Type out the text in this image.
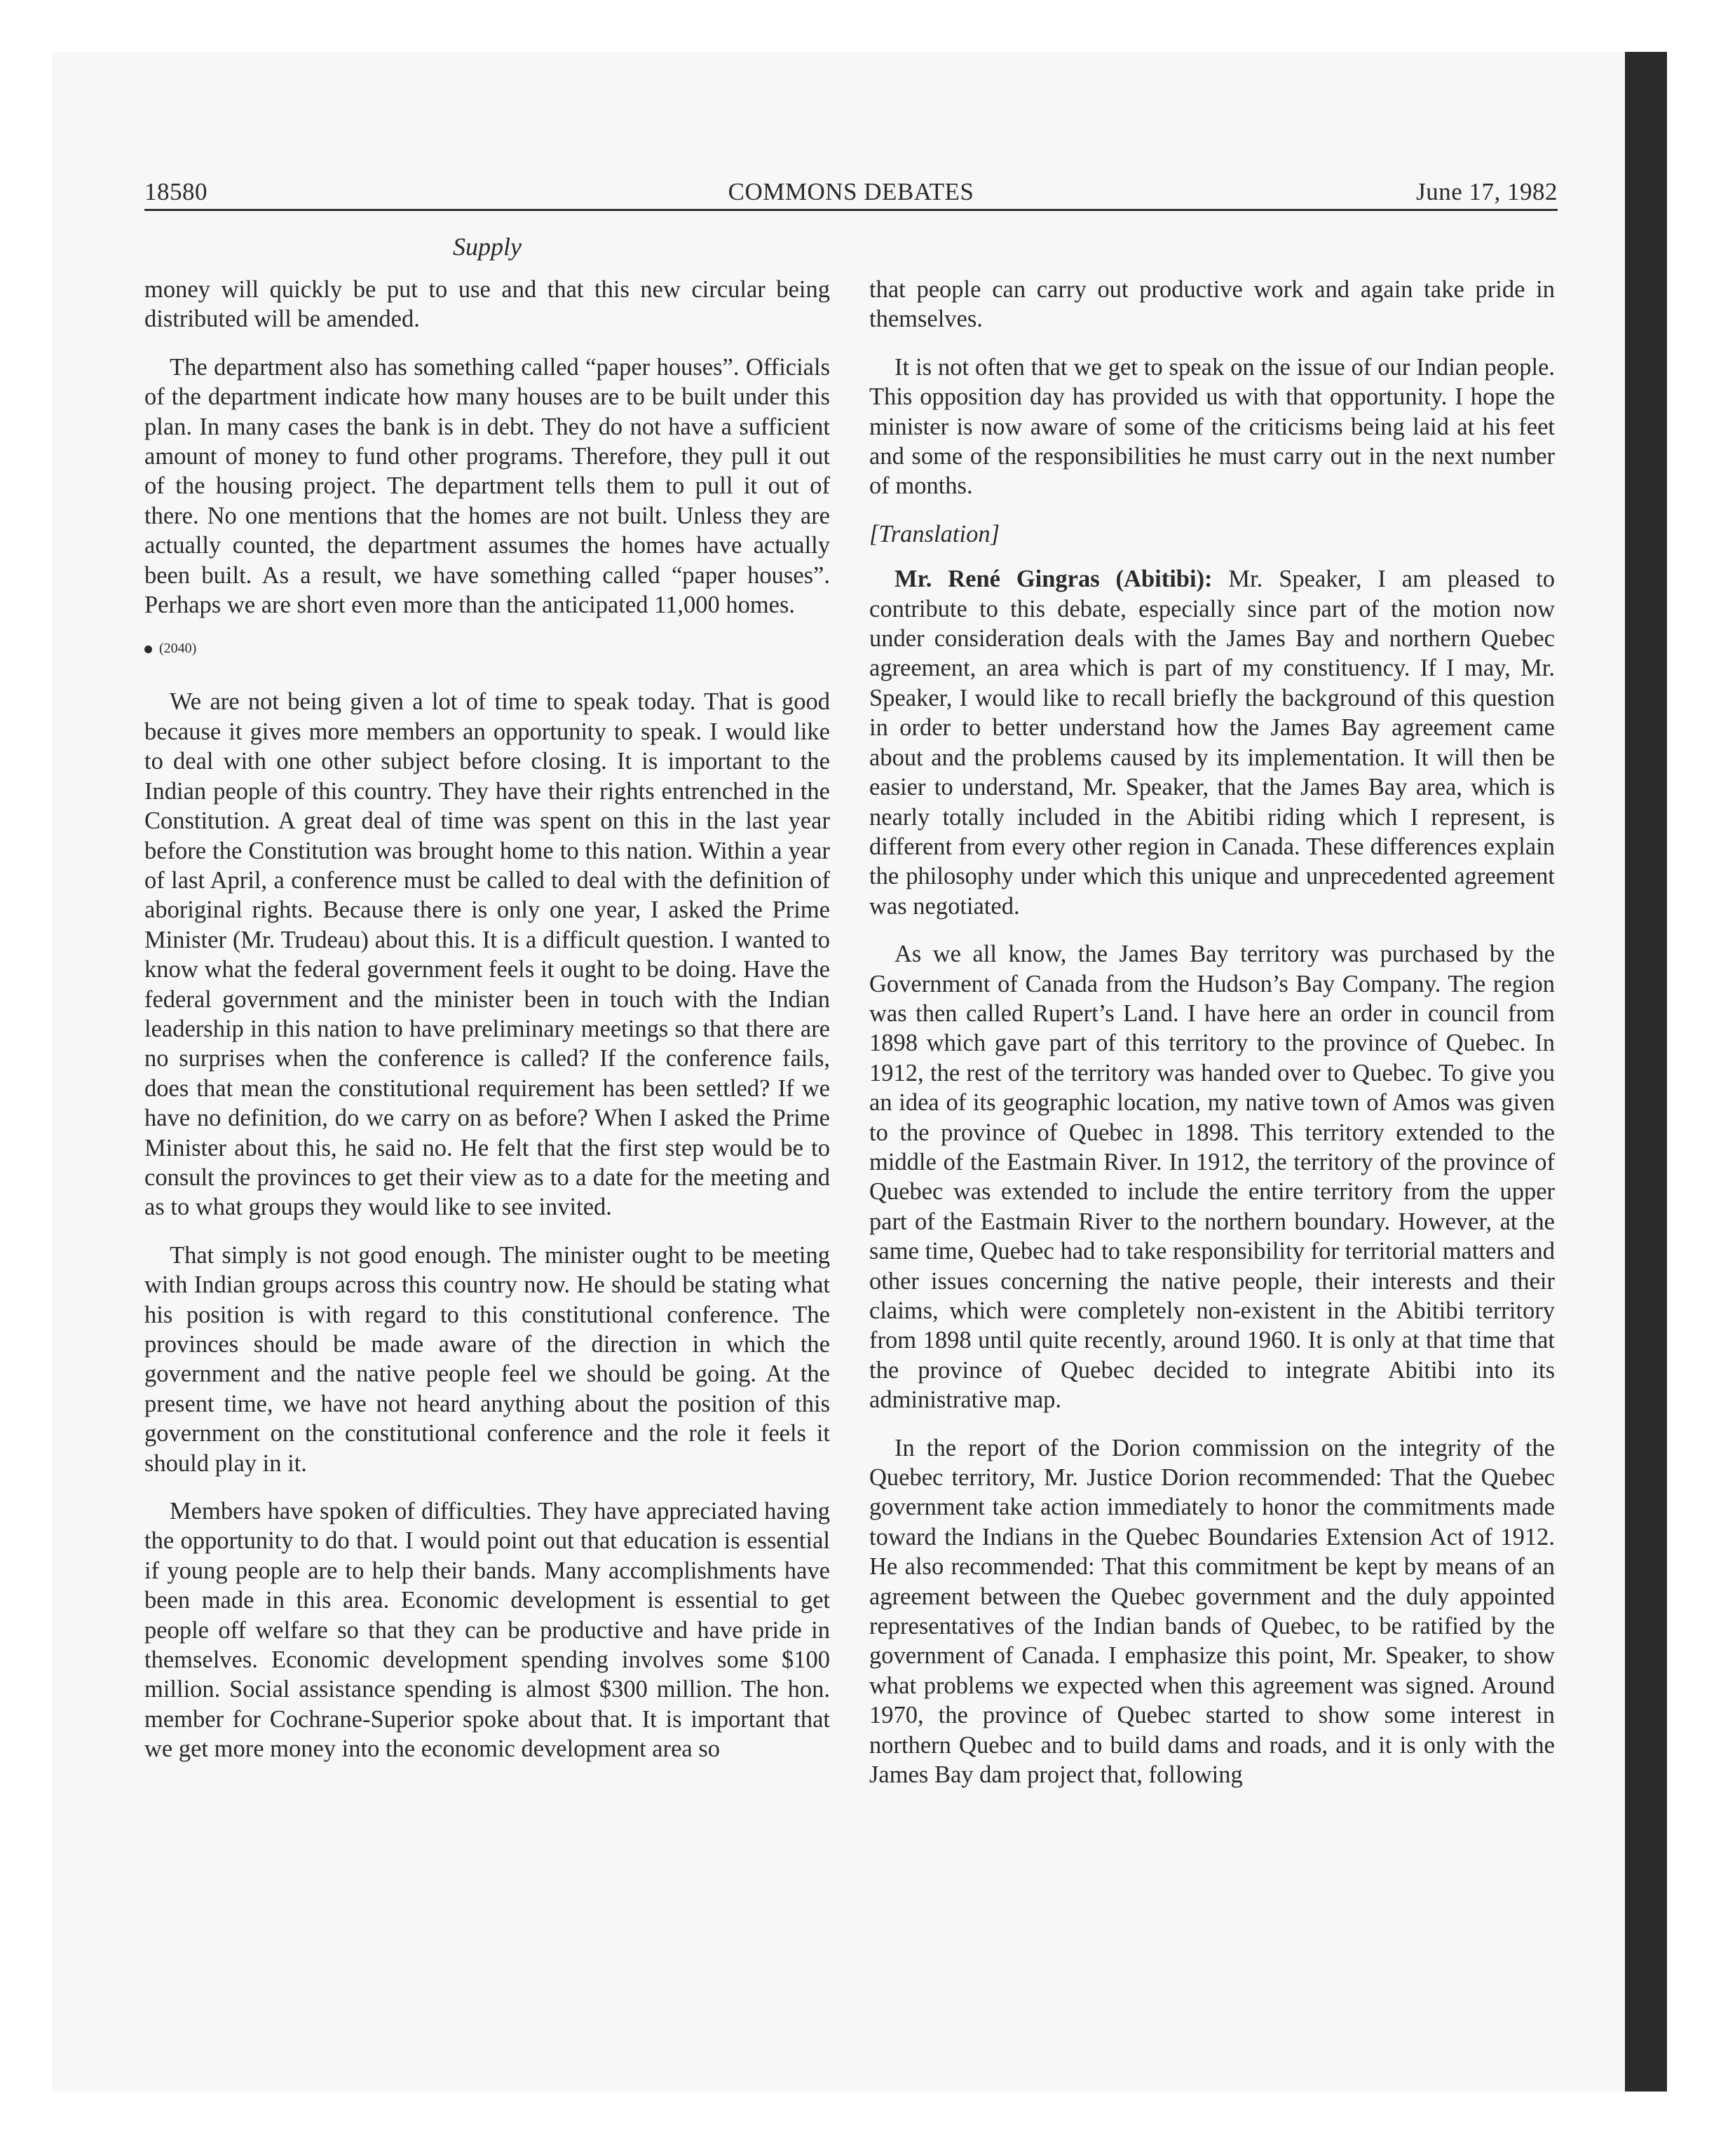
COMMONS DEBATES
18580	June 17, 1982
Supply

money will quickly be put to use and that this new circular being distributed will be amended.

The department also has something called “paper houses”. Officials of the department indicate how many houses are to be built under this plan. In many cases the bank is in debt. They do not have a sufficient amount of money to fund other programs. Therefore, they pull it out of the housing project. The department tells them to pull it out of there. No one mentions that the homes are not built. Unless they are actually counted, the department assumes the homes have actually been built. As a result, we have something called “paper houses”. Perhaps we are short even more than the anticipated 11,000 homes.

(2040)

We are not being given a lot of time to speak today. That is good because it gives more members an opportunity to speak. I would like to deal with one other subject before closing. It is important to the Indian people of this country. They have their rights entrenched in the Constitution. A great deal of time was spent on this in the last year before the Constitution was brought home to this nation. Within a year of last April, a conference must be called to deal with the definition of aboriginal rights. Because there is only one year, I asked the Prime Minister (Mr. Trudeau) about this. It is a difficult question. I wanted to know what the federal government feels it ought to be doing. Have the federal government and the minister been in touch with the Indian leadership in this nation to have preliminary meetings so that there are no surprises when the conference is called? If the conference fails, does that mean the constitutional requirement has been settled? If we have no definition, do we carry on as before? When I asked the Prime Minister about this, he said no. He felt that the first step would be to consult the provinces to get their view as to a date for the meeting and as to what groups they would like to see invited.

That simply is not good enough. The minister ought to be meeting with Indian groups across this country now. He should be stating what his position is with regard to this constitutional conference. The provinces should be made aware of the direction in which the government and the native people feel we should be going. At the present time, we have not heard anything about the position of this government on the constitutional conference and the role it feels it should play in it.

Members have spoken of difficulties. They have appreciated having the opportunity to do that. I would point out that education is essential if young people are to help their bands. Many accomplishments have been made in this area. Economic development is essential to get people off welfare so that they can be productive and have pride in themselves. Economic development spending involves some $100 million. Social assistance spending is almost $300 million. The hon. member for Cochrane-Superior spoke about that. It is important that we get more money into the economic development area so

that people can carry out productive work and again take pride in themselves.

It is not often that we get to speak on the issue of our Indian people. This opposition day has provided us with that opportunity. I hope the minister is now aware of some of the criticisms being laid at his feet and some of the responsibilities he must carry out in the next number of months.

[Translation]

Mr. René Gingras (Abitibi): Mr. Speaker, I am pleased to contribute to this debate, especially since part of the motion now under consideration deals with the James Bay and northern Quebec agreement, an area which is part of my constituency. If I may, Mr. Speaker, I would like to recall briefly the background of this question in order to better understand how the James Bay agreement came about and the problems caused by its implementation. It will then be easier to understand, Mr. Speaker, that the James Bay area, which is nearly totally included in the Abitibi riding which I represent, is different from every other region in Canada. These differences explain the philosophy under which this unique and unprecedented agreement was negotiated.

As we all know, the James Bay territory was purchased by the Government of Canada from the Hudson’s Bay Company. The region was then called Rupert’s Land. I have here an order in council from 1898 which gave part of this territory to the province of Quebec. In 1912, the rest of the territory was handed over to Quebec. To give you an idea of its geographic location, my native town of Amos was given to the province of Quebec in 1898. This territory extended to the middle of the Eastmain River. In 1912, the territory of the province of Quebec was extended to include the entire territory from the upper part of the Eastmain River to the northern boundary. However, at the same time, Quebec had to take responsibility for territorial matters and other issues concerning the native people, their interests and their claims, which were completely non-existent in the Abitibi territory from 1898 until quite recently, around 1960. It is only at that time that the province of Quebec decided to integrate Abitibi into its administrative map.

In the report of the Dorion commission on the integrity of the Quebec territory, Mr. Justice Dorion recommended: That the Quebec government take action immediately to honor the commitments made toward the Indians in the Quebec Boundaries Extension Act of 1912. He also recommended: That this commitment be kept by means of an agreement between the Quebec government and the duly appointed representatives of the Indian bands of Quebec, to be ratified by the government of Canada. I emphasize this point, Mr. Speaker, to show what problems we expected when this agreement was signed. Around 1970, the province of Quebec started to show some interest in northern Quebec and to build dams and roads, and it is only with the James Bay dam project that, following
